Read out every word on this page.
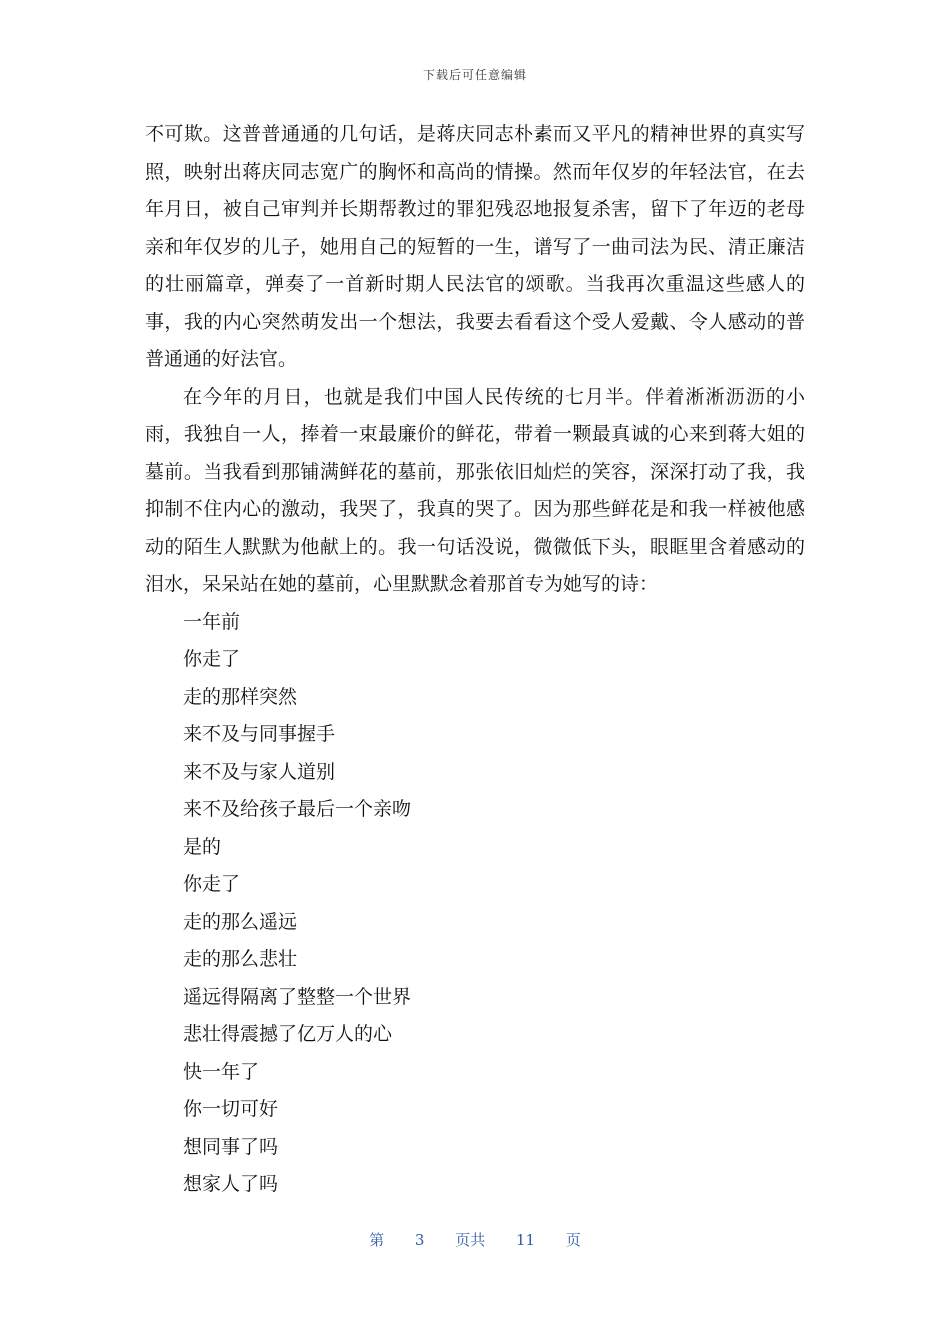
下载后可任意编辑

不可欺。这普普通通的几句话，是蒋庆同志朴素而又平凡的精神世界的真实写照，映射出蒋庆同志宽广的胸怀和高尚的情操。然而年仅岁的年轻法官，在去年月日，被自己审判并长期帮教过的罪犯残忍地报复杀害，留下了年迈的老母亲和年仅岁的儿子，她用自己的短暂的一生，谱写了一曲司法为民、清正廉洁的壮丽篇章，弹奏了一首新时期人民法官的颂歌。当我再次重温这些感人的事，我的内心突然萌发出一个想法，我要去看看这个受人爱戴、令人感动的普普通通的好法官。

在今年的月日，也就是我们中国人民传统的七月半。伴着淅淅沥沥的小雨，我独自一人，捧着一束最廉价的鲜花，带着一颗最真诚的心来到蒋大姐的墓前。当我看到那铺满鲜花的墓前，那张依旧灿烂的笑容，深深打动了我，我抑制不住内心的激动，我哭了，我真的哭了。因为那些鲜花是和我一样被他感动的陌生人默默为他献上的。我一句话没说，微微低下头，眼眶里含着感动的泪水，呆呆站在她的墓前，心里默默念着那首专为她写的诗：

一年前
你走了
走的那样突然
来不及与同事握手
来不及与家人道别
来不及给孩子最后一个亲吻
是的
你走了
走的那么遥远
走的那么悲壮
遥远得隔离了整整一个世界
悲壮得震撼了亿万人的心
快一年了
你一切可好
想同事了吗
想家人了吗
第 3 页共 11 页
